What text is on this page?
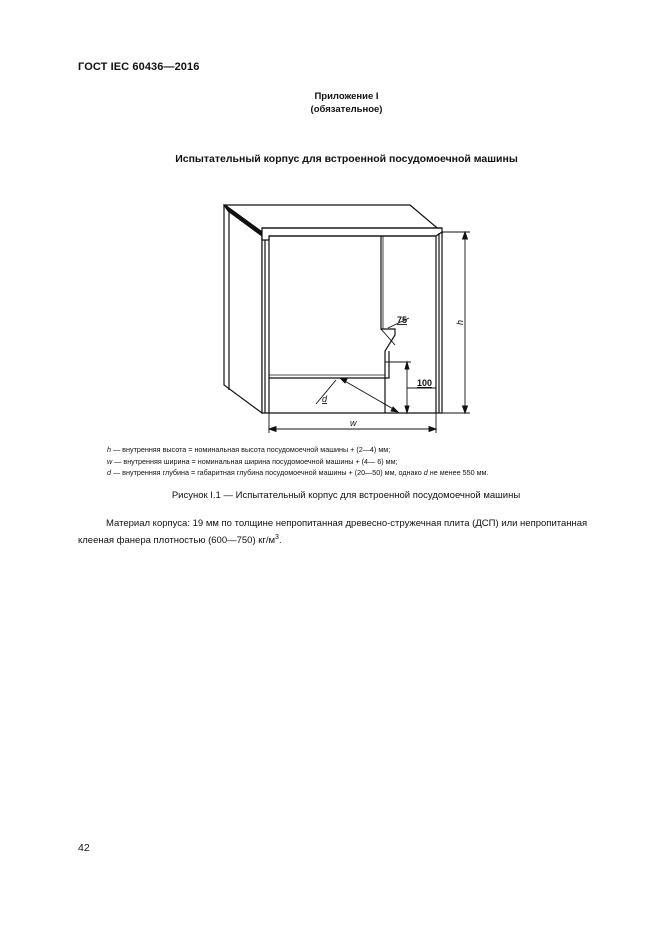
ГОСТ IEC 60436—2016
Приложение I
(обязательное)
Испытательный корпус для встроенной посудомоечной машины
75
100
h
d
w
h — внутренняя высота = номинальная высота посудомоечной машины + (2—4) мм;
w — внутренняя ширина = номинальная ширина посудомоечной машины + (4— 6) мм;
d — внутренняя глубина = габаритная глубина посудомоечной машины + (20—50) мм, однако d не менее 550 мм.
Рисунок I.1 — Испытательный корпус для встроенной посудомоечной машины
Материал корпуса: 19 мм по толщине непропитанная древесно-стружечная плита (ДСП) или непропитанная
клееная фанера плотностью (600—750) $кг/м^3$.
42
